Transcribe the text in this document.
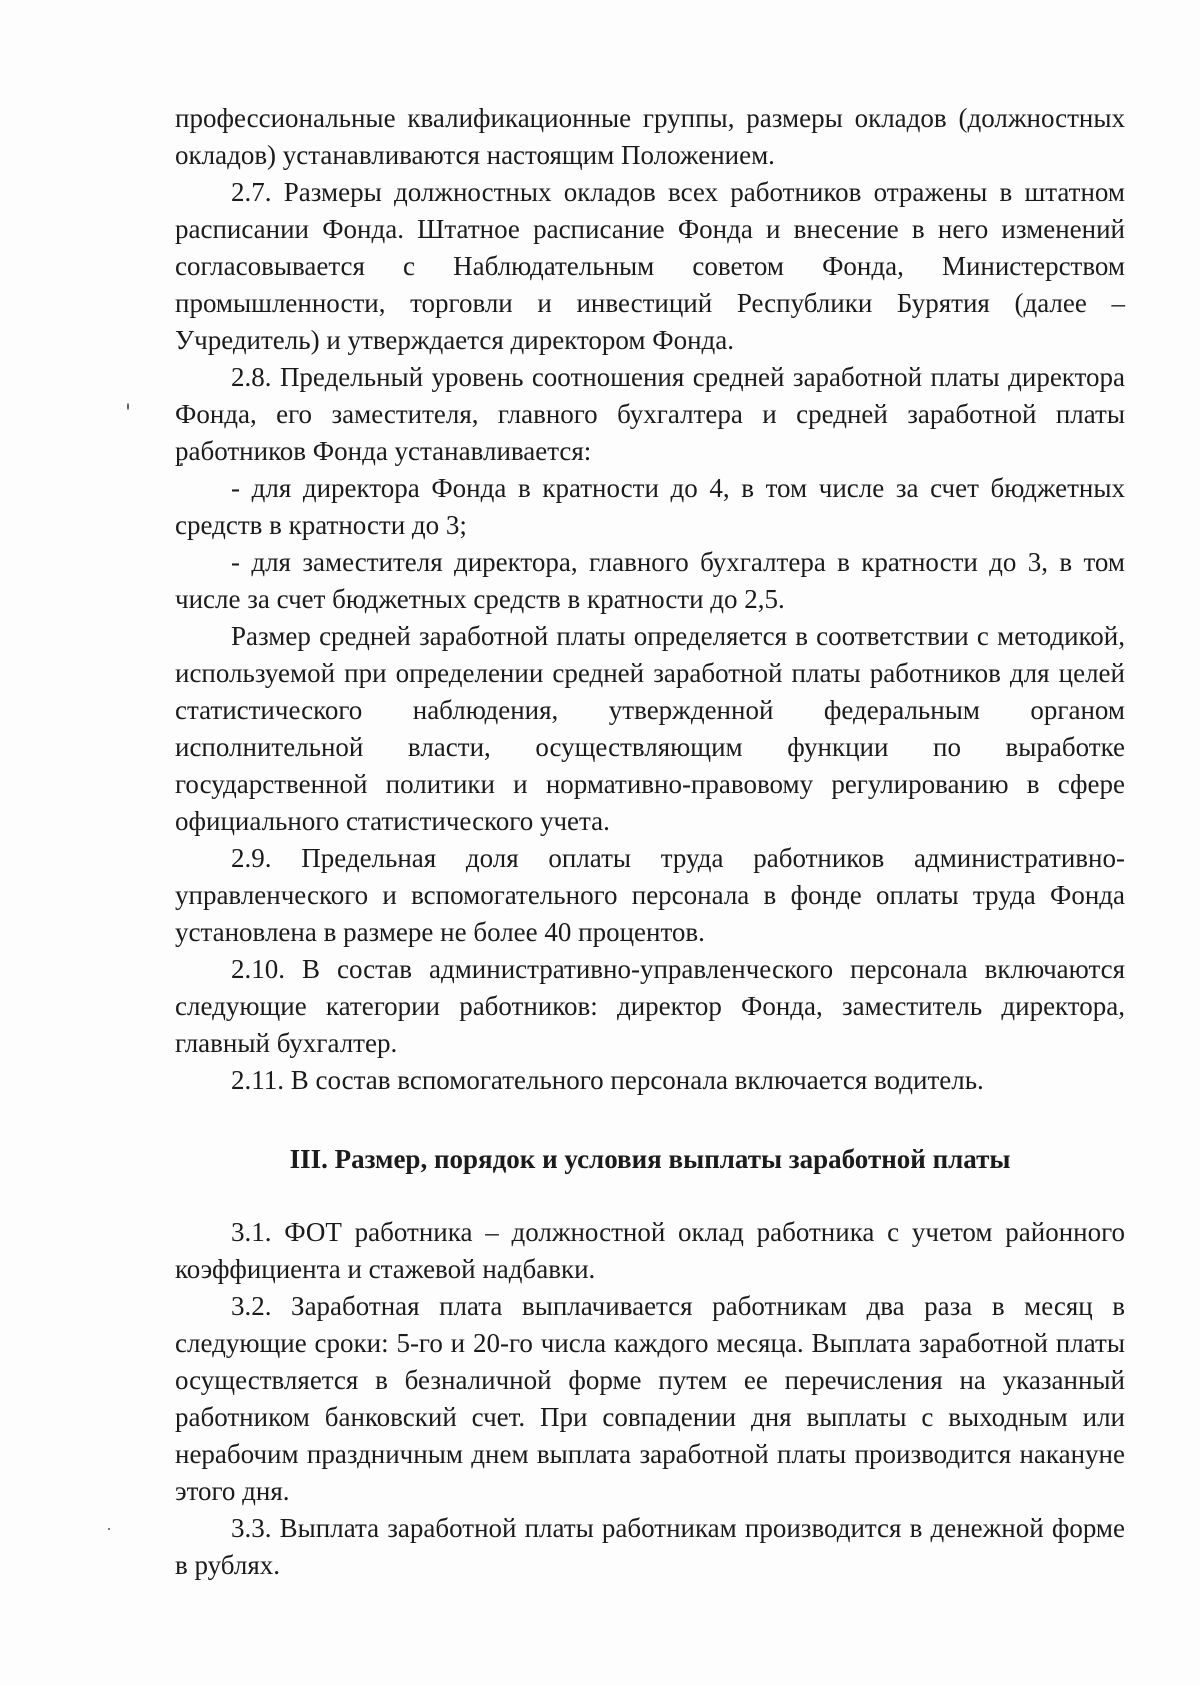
профессиональные квалификационные группы, размеры окладов (должностных окладов) устанавливаются настоящим Положением.

2.7. Размеры должностных окладов всех работников отражены в штатном расписании Фонда. Штатное расписание Фонда и внесение в него изменений согласовывается с Наблюдательным советом Фонда, Министерством промышленности, торговли и инвестиций Республики Бурятия (далее – Учредитель) и утверждается директором Фонда.

2.8. Предельный уровень соотношения средней заработной платы директора Фонда, его заместителя, главного бухгалтера и средней заработной платы работников Фонда устанавливается:

- для директора Фонда в кратности до 4, в том числе за счет бюджетных средств в кратности до 3;

- для заместителя директора, главного бухгалтера в кратности до 3, в том числе за счет бюджетных средств в кратности до 2,5.

Размер средней заработной платы определяется в соответствии с методикой, используемой при определении средней заработной платы работников для целей статистического наблюдения, утвержденной федеральным органом исполнительной власти, осуществляющим функции по выработке государственной политики и нормативно-правовому регулированию в сфере официального статистического учета.

2.9. Предельная доля оплаты труда работников административно-управленческого и вспомогательного персонала в фонде оплаты труда Фонда установлена в размере не более 40 процентов.

2.10. В состав административно-управленческого персонала включаются следующие категории работников: директор Фонда, заместитель директора, главный бухгалтер.

2.11. В состав вспомогательного персонала включается водитель.

III. Размер, порядок и условия выплаты заработной платы

3.1. ФОТ работника – должностной оклад работника с учетом районного коэффициента и стажевой надбавки.

3.2. Заработная плата выплачивается работникам два раза в месяц в следующие сроки: 5-го и 20-го числа каждого месяца. Выплата заработной платы осуществляется в безналичной форме путем ее перечисления на указанный работником банковский счет. При совпадении дня выплаты с выходным или нерабочим праздничным днем выплата заработной платы производится накануне этого дня.

3.3. Выплата заработной платы работникам производится в денежной форме в рублях.
